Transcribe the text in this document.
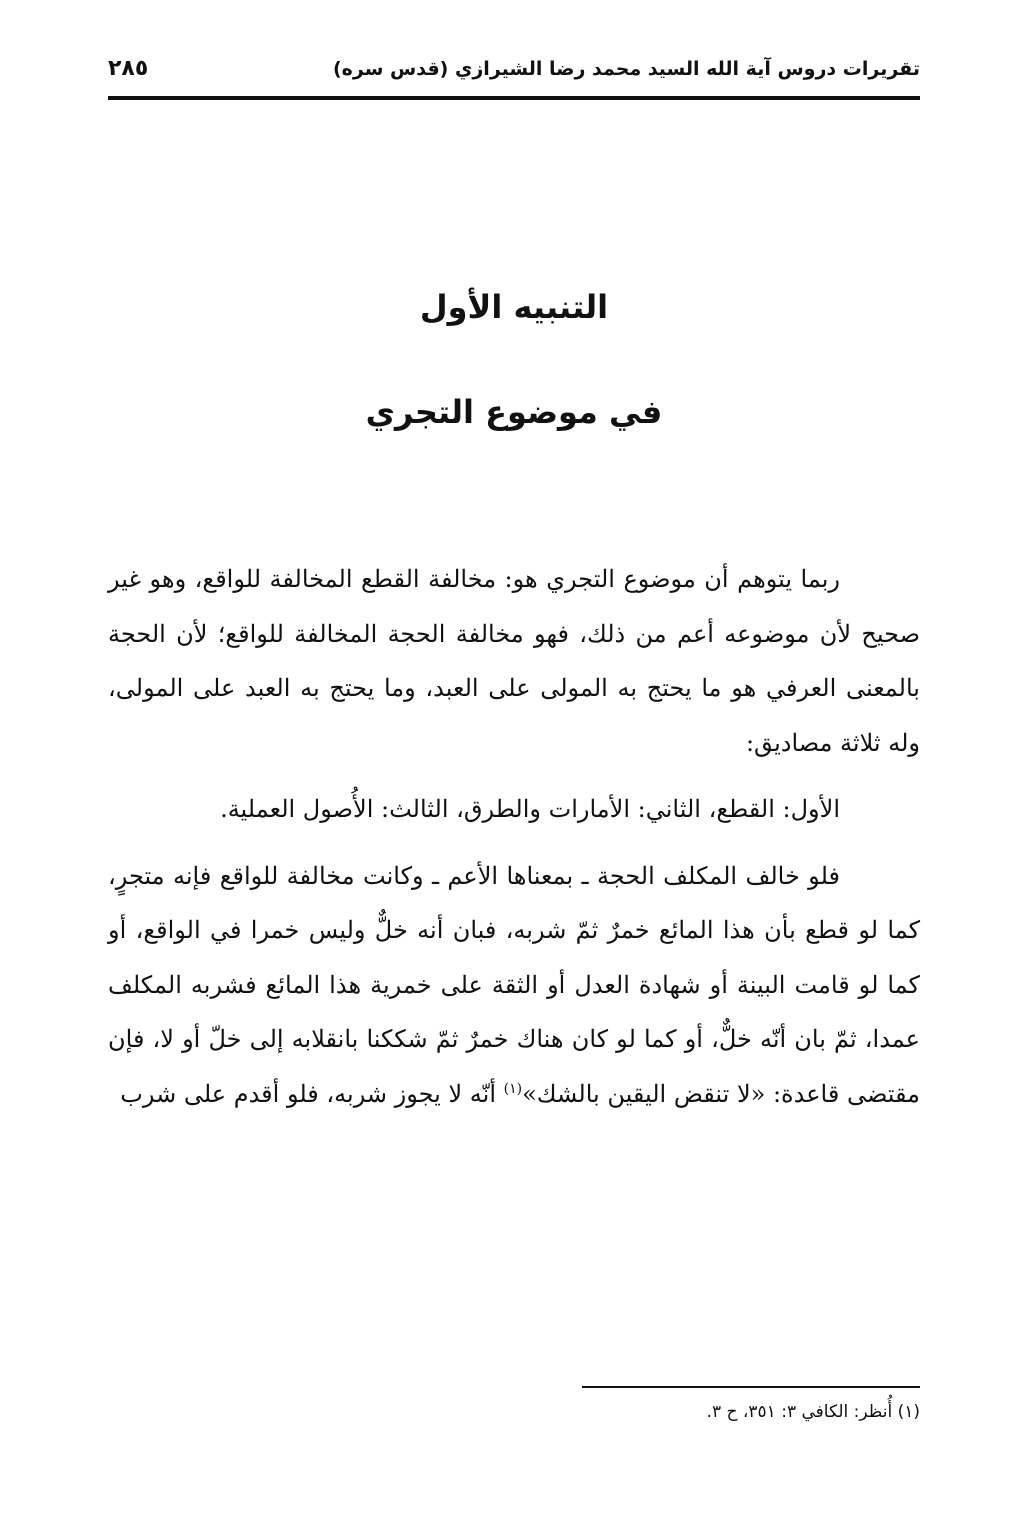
تقريرات دروس آية الله السيد محمد رضا الشيرازي (قدس سره)
٢٨٥
التنبيه الأول
في موضوع التجري

ربما يتوهم أن موضوع التجري هو: مخالفة القطع المخالفة للواقع، وهو غير صحيح لأن موضوعه أعم من ذلك، فهو مخالفة الحجة المخالفة للواقع؛ لأن الحجة بالمعنى العرفي هو ما يحتج به المولى على العبد، وما يحتج به العبد على المولى، وله ثلاثة مصاديق:

الأول: القطع، الثاني: الأمارات والطرق، الثالث: الأُصول العملية.

فلو خالف المكلف الحجة ـ بمعناها الأعم ـ وكانت مخالفة للواقع فإنه متجرٍ، كما لو قطع بأن هذا المائع خمرٌ ثمّ شربه، فبان أنه خلٌّ وليس خمرا في الواقع، أو كما لو قامت البينة أو شهادة العدل أو الثقة على خمرية هذا المائع فشربه المكلف عمدا، ثمّ بان أنّه خلٌّ، أو كما لو كان هناك خمرٌ ثمّ شككنا بانقلابه إلى خلّ أو لا، فإن مقتضى قاعدة: «لا تنقض اليقين بالشك»$^{(١)}$ أنّه لا يجوز شربه، فلو أقدم على شرب

(١) أُنظر: الكافي ٣: ٣٥١، ح ٣.
